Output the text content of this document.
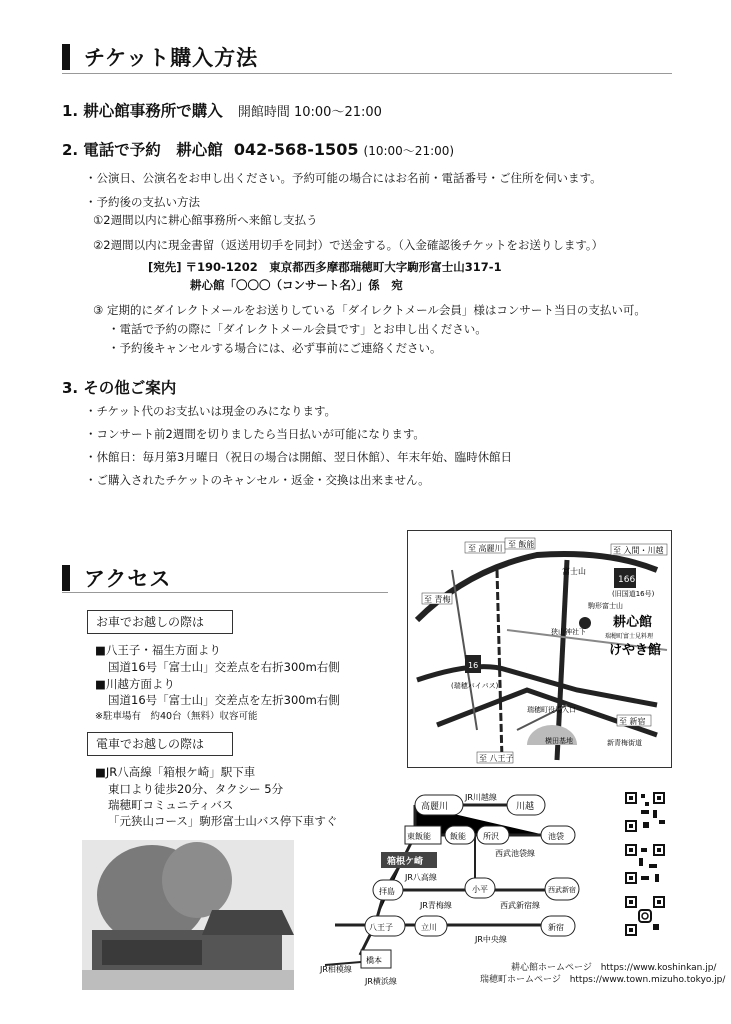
チケット購入方法
1. 耕心館事務所で購入 開館時間 10:00〜21:00
2. 電話で予約　耕心館 042-568-1505 (10:00〜21:00)
・公演日、公演名をお申し出ください。予約可能の場合にはお名前・電話番号・ご住所を伺います。
・予約後の支払い方法
①2週間以内に耕心館事務所へ来館し支払う
②2週間以内に現金書留（返送用切手を同封）で送金する。（入金確認後チケットをお送りします。）
[宛先] 〒190-1202　東京都西多摩郡瑞穂町大字駒形富士山317-1
耕心館「〇〇〇（コンサート名）」係　宛
③ 定期的にダイレクトメールをお送りしている「ダイレクトメール会員」様はコンサート当日の支払い可。
・電話で予約の際に「ダイレクトメール会員です」とお申し出ください。
・予約後キャンセルする場合には、必ず事前にご連絡ください。
3. その他ご案内
・チケット代のお支払いは現金のみになります。
・コンサート前2週間を切りましたら当日払いが可能になります。
・休館日：毎月第3月曜日（祝日の場合は開館、翌日休館）、年末年始、臨時休館日
・ご購入されたチケットのキャンセル・返金・交換は出来ません。
アクセス
お車でお越しの際は
■八王子・福生方面より
国道16号「富士山」交差点を右折300m右側
■川越方面より
国道16号「富士山」交差点を左折300m右側
※駐車場有　約40台（無料）収容可能
電車でお越しの際は
■JR八高線「箱根ケ崎」駅下車
東口より徒歩20分、タクシー 5分
瑞穂町コミュニティバス
「元狭山コース」駒形富士山バス停下車すぐ
至 高麗川 至 飯能
至 入間・川越
至 青梅
至 新宿
至 八王子
富士山
166
(旧国道16号)
駒形富士山
耕心館
瑞穂町富士見料理
けやき館
狭山神社下
16
(瑞穂バイパス)
横田基地
瑞穂町役場入口
新青梅街道
高麗川
JR川越線
川越
東飯能 飯能 所沢	池袋
西武池袋線
箱根ケ崎
JR八高線
小平	西武新宿
拝島
JR青梅線	西武新宿線
八王子	立川	新宿
JR中央線
橋本
JR相模線
JR横浜線
耕心館ホームページ https://www.koshinkan.jp/
瑞穂町ホームページ https://www.town.mizuho.tokyo.jp/
